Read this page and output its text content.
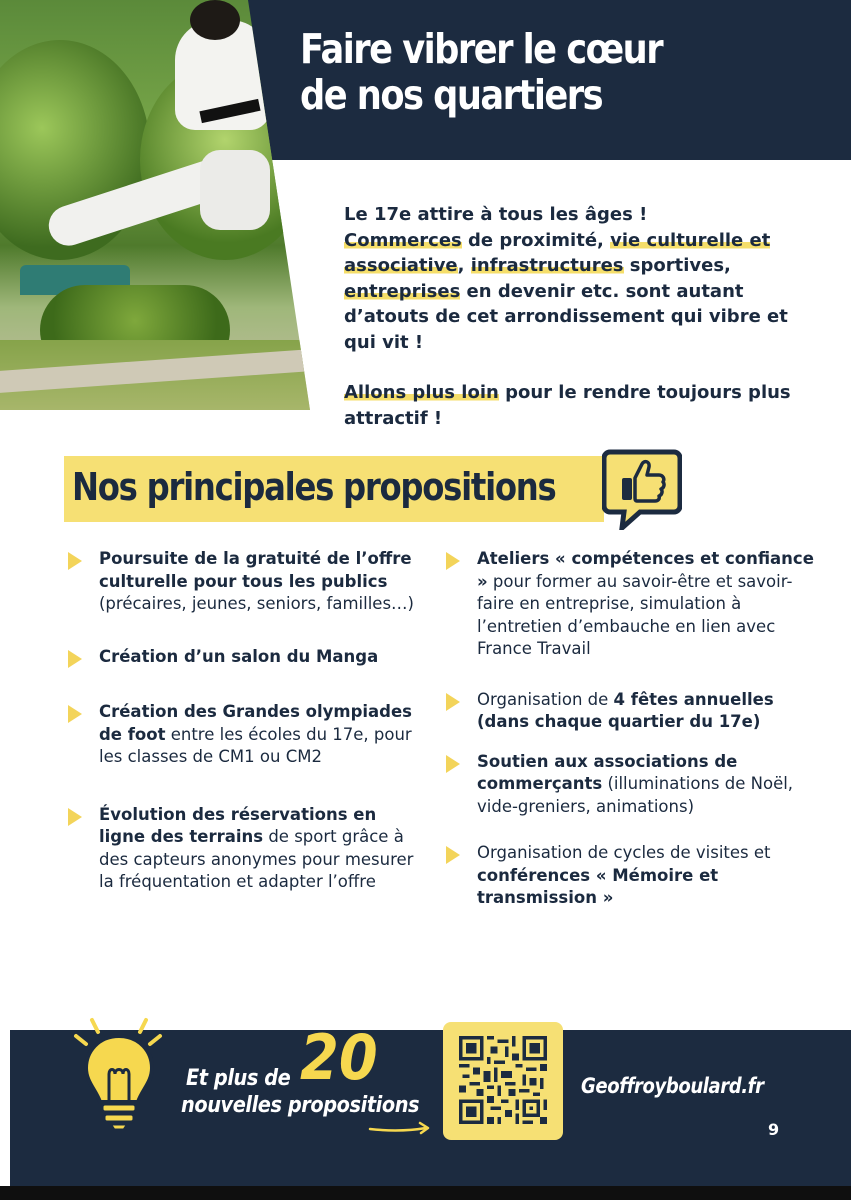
Faire vibrer le cœur
de nos quartiers

Le 17e attire à tous les âges !
Commerces de proximité, vie culturelle et associative, infrastructures sportives, entreprises en devenir etc. sont autant d’atouts de cet arrondissement qui vibre et qui vit !

Allons plus loin pour le rendre toujours plus attractif !

Nos principales propositions
Poursuite de la gratuité de l’offre culturelle pour tous les publics (précaires, jeunes, seniors, familles…)
Création d’un salon du Manga
Création des Grandes olympiades de foot entre les écoles du 17e, pour les classes de CM1 ou CM2
Évolution des réservations en ligne des terrains de sport grâce à des capteurs anonymes pour mesurer la fréquentation et adapter l’offre
Ateliers « compétences et confiance » pour former au savoir-être et savoir-faire en entreprise, simulation à l’entretien d’embauche en lien avec France Travail
Organisation de 4 fêtes annuelles (dans chaque quartier du 17e)
Soutien aux associations de commerçants (illuminations de Noël, vide-greniers, animations)
Organisation de cycles de visites et conférences « Mémoire et transmission »
Et plus de 20
nouvelles propositions
Geoffroyboulard.fr
9
